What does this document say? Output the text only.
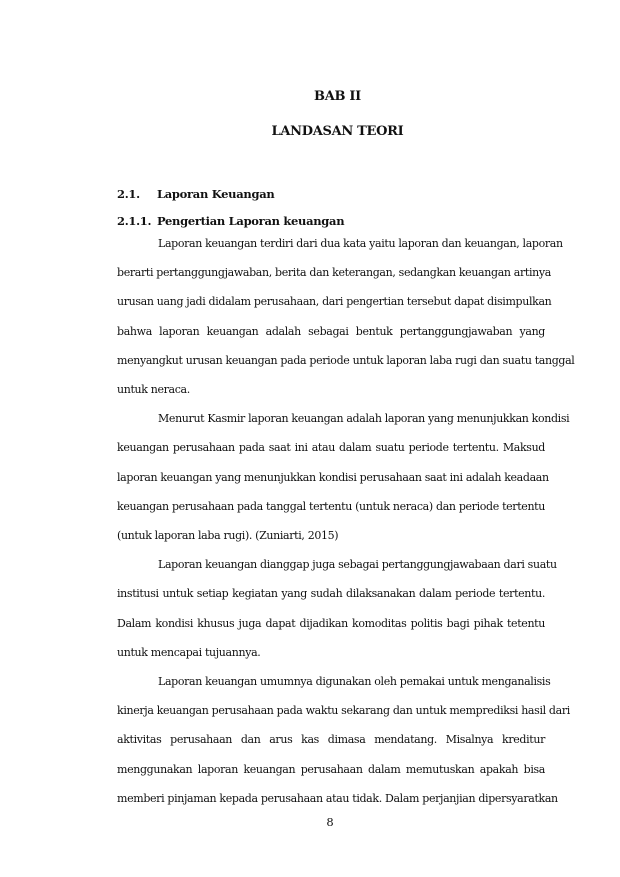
BAB II
LANDASAN TEORI
2.1. Laporan Keuangan
2.1.1. Pengertian Laporan keuangan
Laporan keuangan terdiri dari dua kata yaitu laporan dan keuangan, laporan
berarti pertanggungjawaban, berita dan keterangan, sedangkan keuangan artinya
urusan uang jadi didalam perusahaan, dari pengertian tersebut dapat disimpulkan
bahwa laporan keuangan adalah sebagai bentuk pertanggungjawaban yang
menyangkut urusan keuangan pada periode untuk laporan laba rugi dan suatu tanggal
untuk neraca.
Menurut Kasmir laporan keuangan adalah laporan yang menunjukkan kondisi
keuangan perusahaan pada saat ini atau dalam suatu periode tertentu. Maksud
laporan keuangan yang menunjukkan kondisi perusahaan saat ini adalah keadaan
keuangan perusahaan pada tanggal tertentu (untuk neraca) dan periode tertentu
(untuk laporan laba rugi). (Zuniarti, 2015)
Laporan keuangan dianggap juga sebagai pertanggungjawabaan dari suatu
institusi untuk setiap kegiatan yang sudah dilaksanakan dalam periode tertentu.
Dalam kondisi khusus juga dapat dijadikan komoditas politis bagi pihak tetentu
untuk mencapai tujuannya.
Laporan keuangan umumnya digunakan oleh pemakai untuk menganalisis
kinerja keuangan perusahaan pada waktu sekarang dan untuk memprediksi hasil dari
aktivitas perusahaan dan arus kas dimasa mendatang. Misalnya kreditur
menggunakan laporan keuangan perusahaan dalam memutuskan apakah bisa
memberi pinjaman kepada perusahaan atau tidak. Dalam perjanjian dipersyaratkan
8
